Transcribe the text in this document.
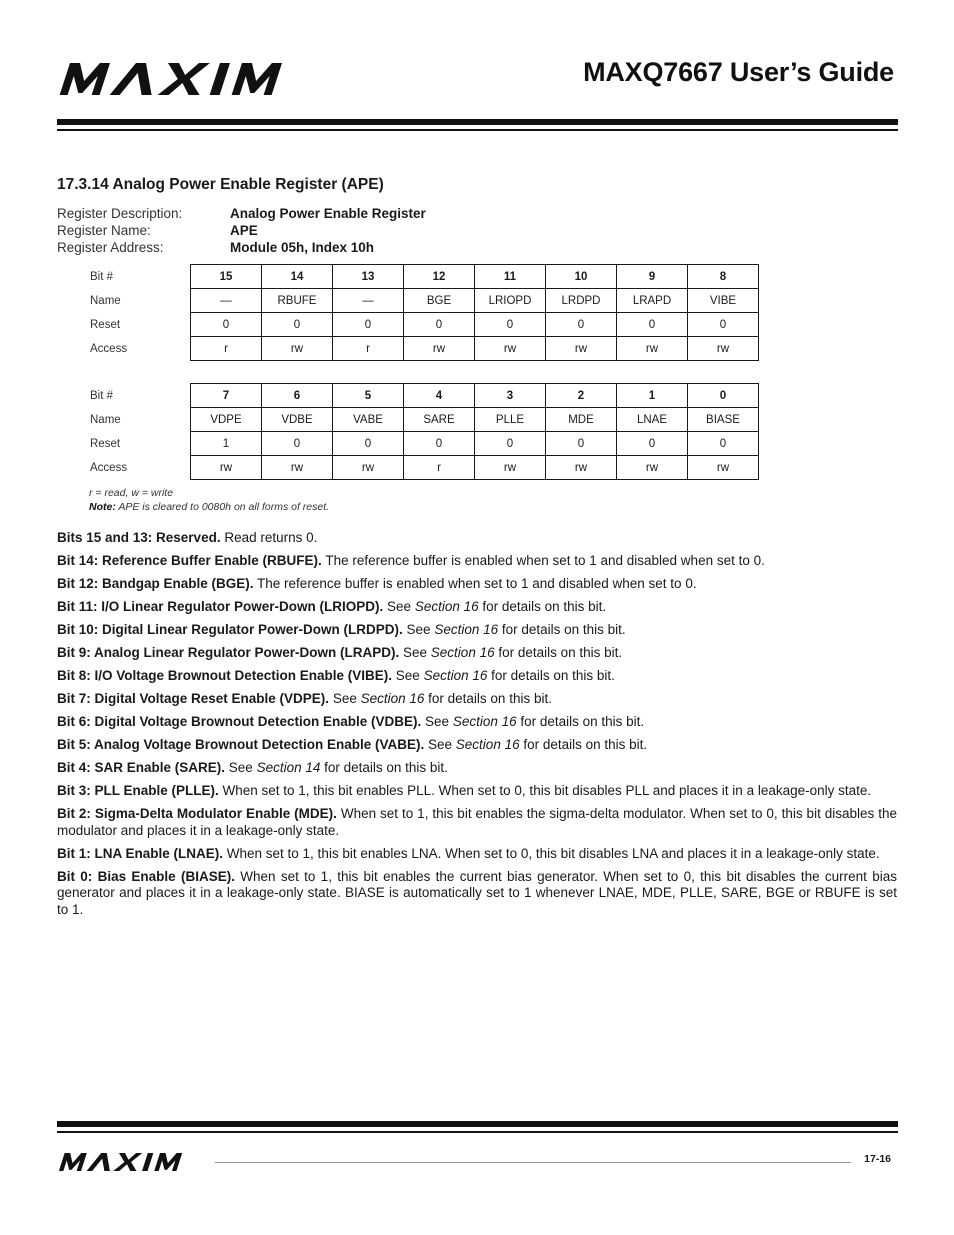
MAXQ7667 User’s Guide
17.3.14 Analog Power Enable Register (APE)
Register Description:	Analog Power Enable Register
Register Name:	APE
Register Address:	Module 05h, Index 10h
Bit #	15	14	13	12	11	10	9	8
Name	—	RBUFE	—	BGE	LRIOPD	LRDPD	LRAPD	VIBE
Reset	0	0	0	0	0	0	0	0
Access	r	rw	r	rw	rw	rw	rw	rw
Bit #	7	6	5	4	3	2	1	0
Name	VDPE	VDBE	VABE	SARE	PLLE	MDE	LNAE	BIASE
Reset	1	0	0	0	0	0	0	0
Access	rw	rw	rw	r	rw	rw	rw	rw
r = read, w = write
Note: APE is cleared to 0080h on all forms of reset.

Bits 15 and 13: Reserved. Read returns 0.

Bit 14: Reference Buffer Enable (RBUFE). The reference buffer is enabled when set to 1 and disabled when set to 0.

Bit 12: Bandgap Enable (BGE). The reference buffer is enabled when set to 1 and disabled when set to 0.

Bit 11: I/O Linear Regulator Power-Down (LRIOPD). See Section 16 for details on this bit.

Bit 10: Digital Linear Regulator Power-Down (LRDPD). See Section 16 for details on this bit.

Bit 9: Analog Linear Regulator Power-Down (LRAPD). See Section 16 for details on this bit.

Bit 8: I/O Voltage Brownout Detection Enable (VIBE). See Section 16 for details on this bit.

Bit 7: Digital Voltage Reset Enable (VDPE). See Section 16 for details on this bit.

Bit 6: Digital Voltage Brownout Detection Enable (VDBE). See Section 16 for details on this bit.

Bit 5: Analog Voltage Brownout Detection Enable (VABE). See Section 16 for details on this bit.

Bit 4: SAR Enable (SARE). See Section 14 for details on this bit.

Bit 3: PLL Enable (PLLE). When set to 1, this bit enables PLL. When set to 0, this bit disables PLL and places it in a leakage-only state.

Bit 2: Sigma-Delta Modulator Enable (MDE). When set to 1, this bit enables the sigma-delta modulator. When set to 0, this bit disables the modulator and places it in a leakage-only state.

Bit 1: LNA Enable (LNAE). When set to 1, this bit enables LNA. When set to 0, this bit disables LNA and places it in a leakage-only state.

Bit 0: Bias Enable (BIASE). When set to 1, this bit enables the current bias generator. When set to 0, this bit disables the current bias generator and places it in a leakage-only state. BIASE is automatically set to 1 whenever LNAE, MDE, PLLE, SARE, BGE or RBUFE is set to 1.

17-16
